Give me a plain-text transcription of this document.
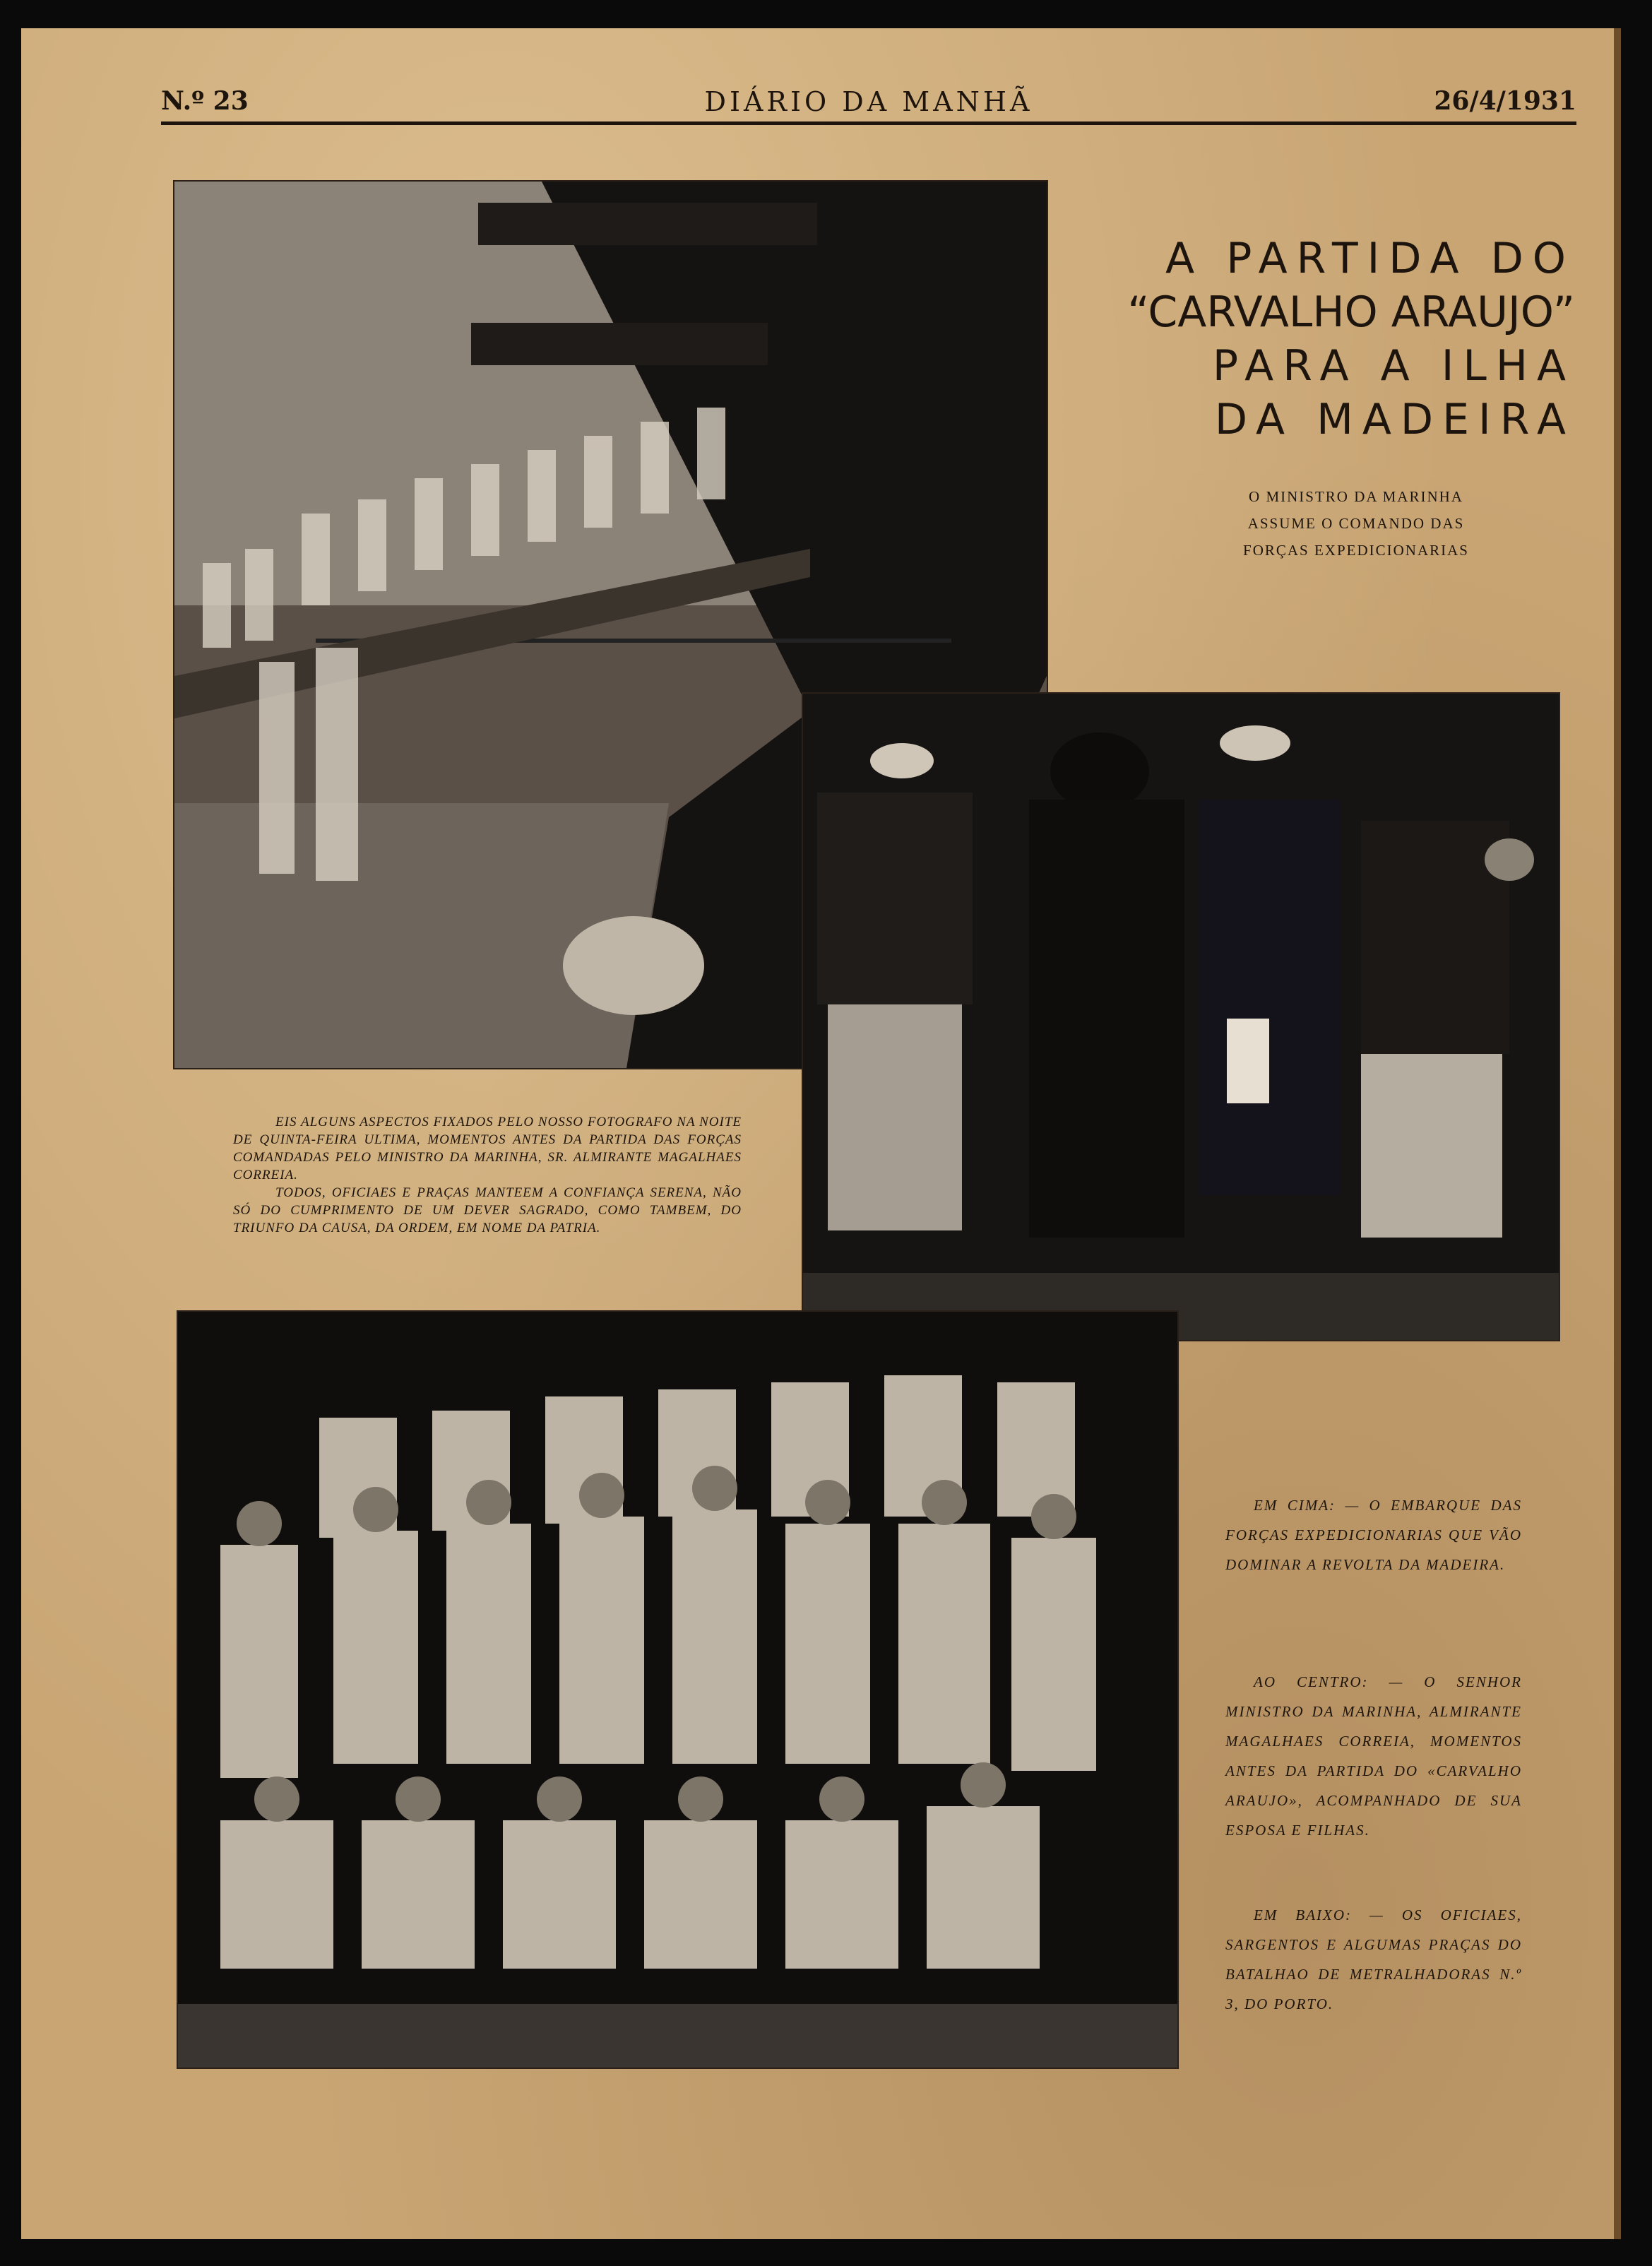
N.º 23	DIÁRIO DA MANHÃ	26/4/1931
A PARTIDA DO
“CARVALHO ARAUJO”
PARA A ILHA
DA MADEIRA
O MINISTRO DA MARINHA
ASSUME O COMANDO DAS
FORÇAS EXPEDICIONARIAS

EIS ALGUNS ASPECTOS FIXADOS PELO NOSSO FOTOGRAFO NA NOITE DE QUINTA-FEIRA ULTIMA, MOMENTOS ANTES DA PARTIDA DAS FORÇAS COMANDADAS PELO MINISTRO DA MARINHA, SR. ALMIRANTE MAGALHAES CORREIA.

TODOS, OFICIAES E PRAÇAS MANTEEM A CONFIANÇA SERENA, NÃO SÓ DO CUMPRIMENTO DE UM DEVER SAGRADO, COMO TAMBEM, DO TRIUNFO DA CAUSA, DA ORDEM, EM NOME DA PATRIA.

EM CIMA: — O EMBARQUE DAS FORÇAS EXPEDICIONARIAS QUE VÃO DOMINAR A REVOLTA DA MADEIRA.

AO CENTRO: — O SENHOR MINISTRO DA MARINHA, ALMIRANTE MAGALHAES CORREIA, MOMENTOS ANTES DA PARTIDA DO «CARVALHO ARAUJO», ACOMPANHADO DE SUA ESPOSA E FILHAS.

EM BAIXO: — OS OFICIAES, SARGENTOS E ALGUMAS PRAÇAS DO BATALHAO DE METRALHADORAS N.º 3, DO PORTO.
